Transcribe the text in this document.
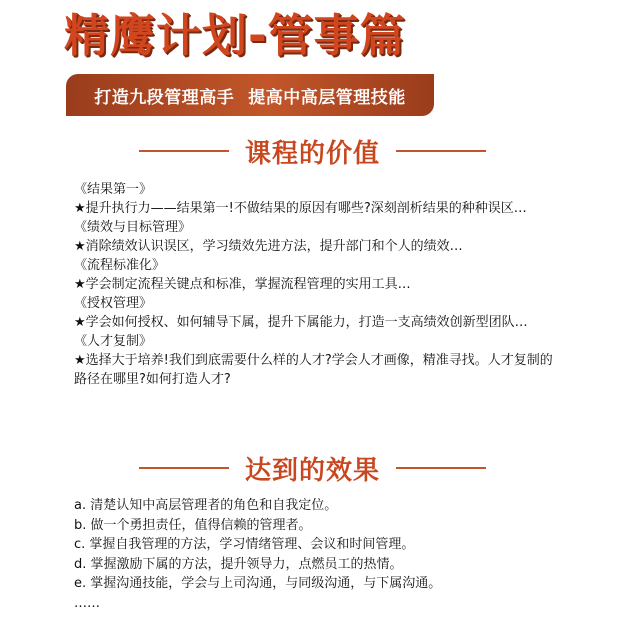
精鹰计划-管事篇
打造九段管理高手 提高中高层管理技能
课程的价值
《结果第一》
★提升执行力——结果第一!不做结果的原因有哪些?深刻剖析结果的种种误区…
《绩效与目标管理》
★消除绩效认识误区，学习绩效先进方法，提升部门和个人的绩效…
《流程标准化》
★学会制定流程关键点和标准，掌握流程管理的实用工具…
《授权管理》
★学会如何授权、如何辅导下属，提升下属能力，打造一支高绩效创新型团队…
《人才复制》
★选择大于培养!我们到底需要什么样的人才?学会人才画像，精准寻找。人才复制的路径在哪里?如何打造人才?
达到的效果
a. 清楚认知中高层管理者的角色和自我定位。
b. 做一个勇担责任，值得信赖的管理者。
c. 掌握自我管理的方法，学习情绪管理、会议和时间管理。
d. 掌握激励下属的方法，提升领导力，点燃员工的热情。
e. 掌握沟通技能，学会与上司沟通，与同级沟通，与下属沟通。
……
